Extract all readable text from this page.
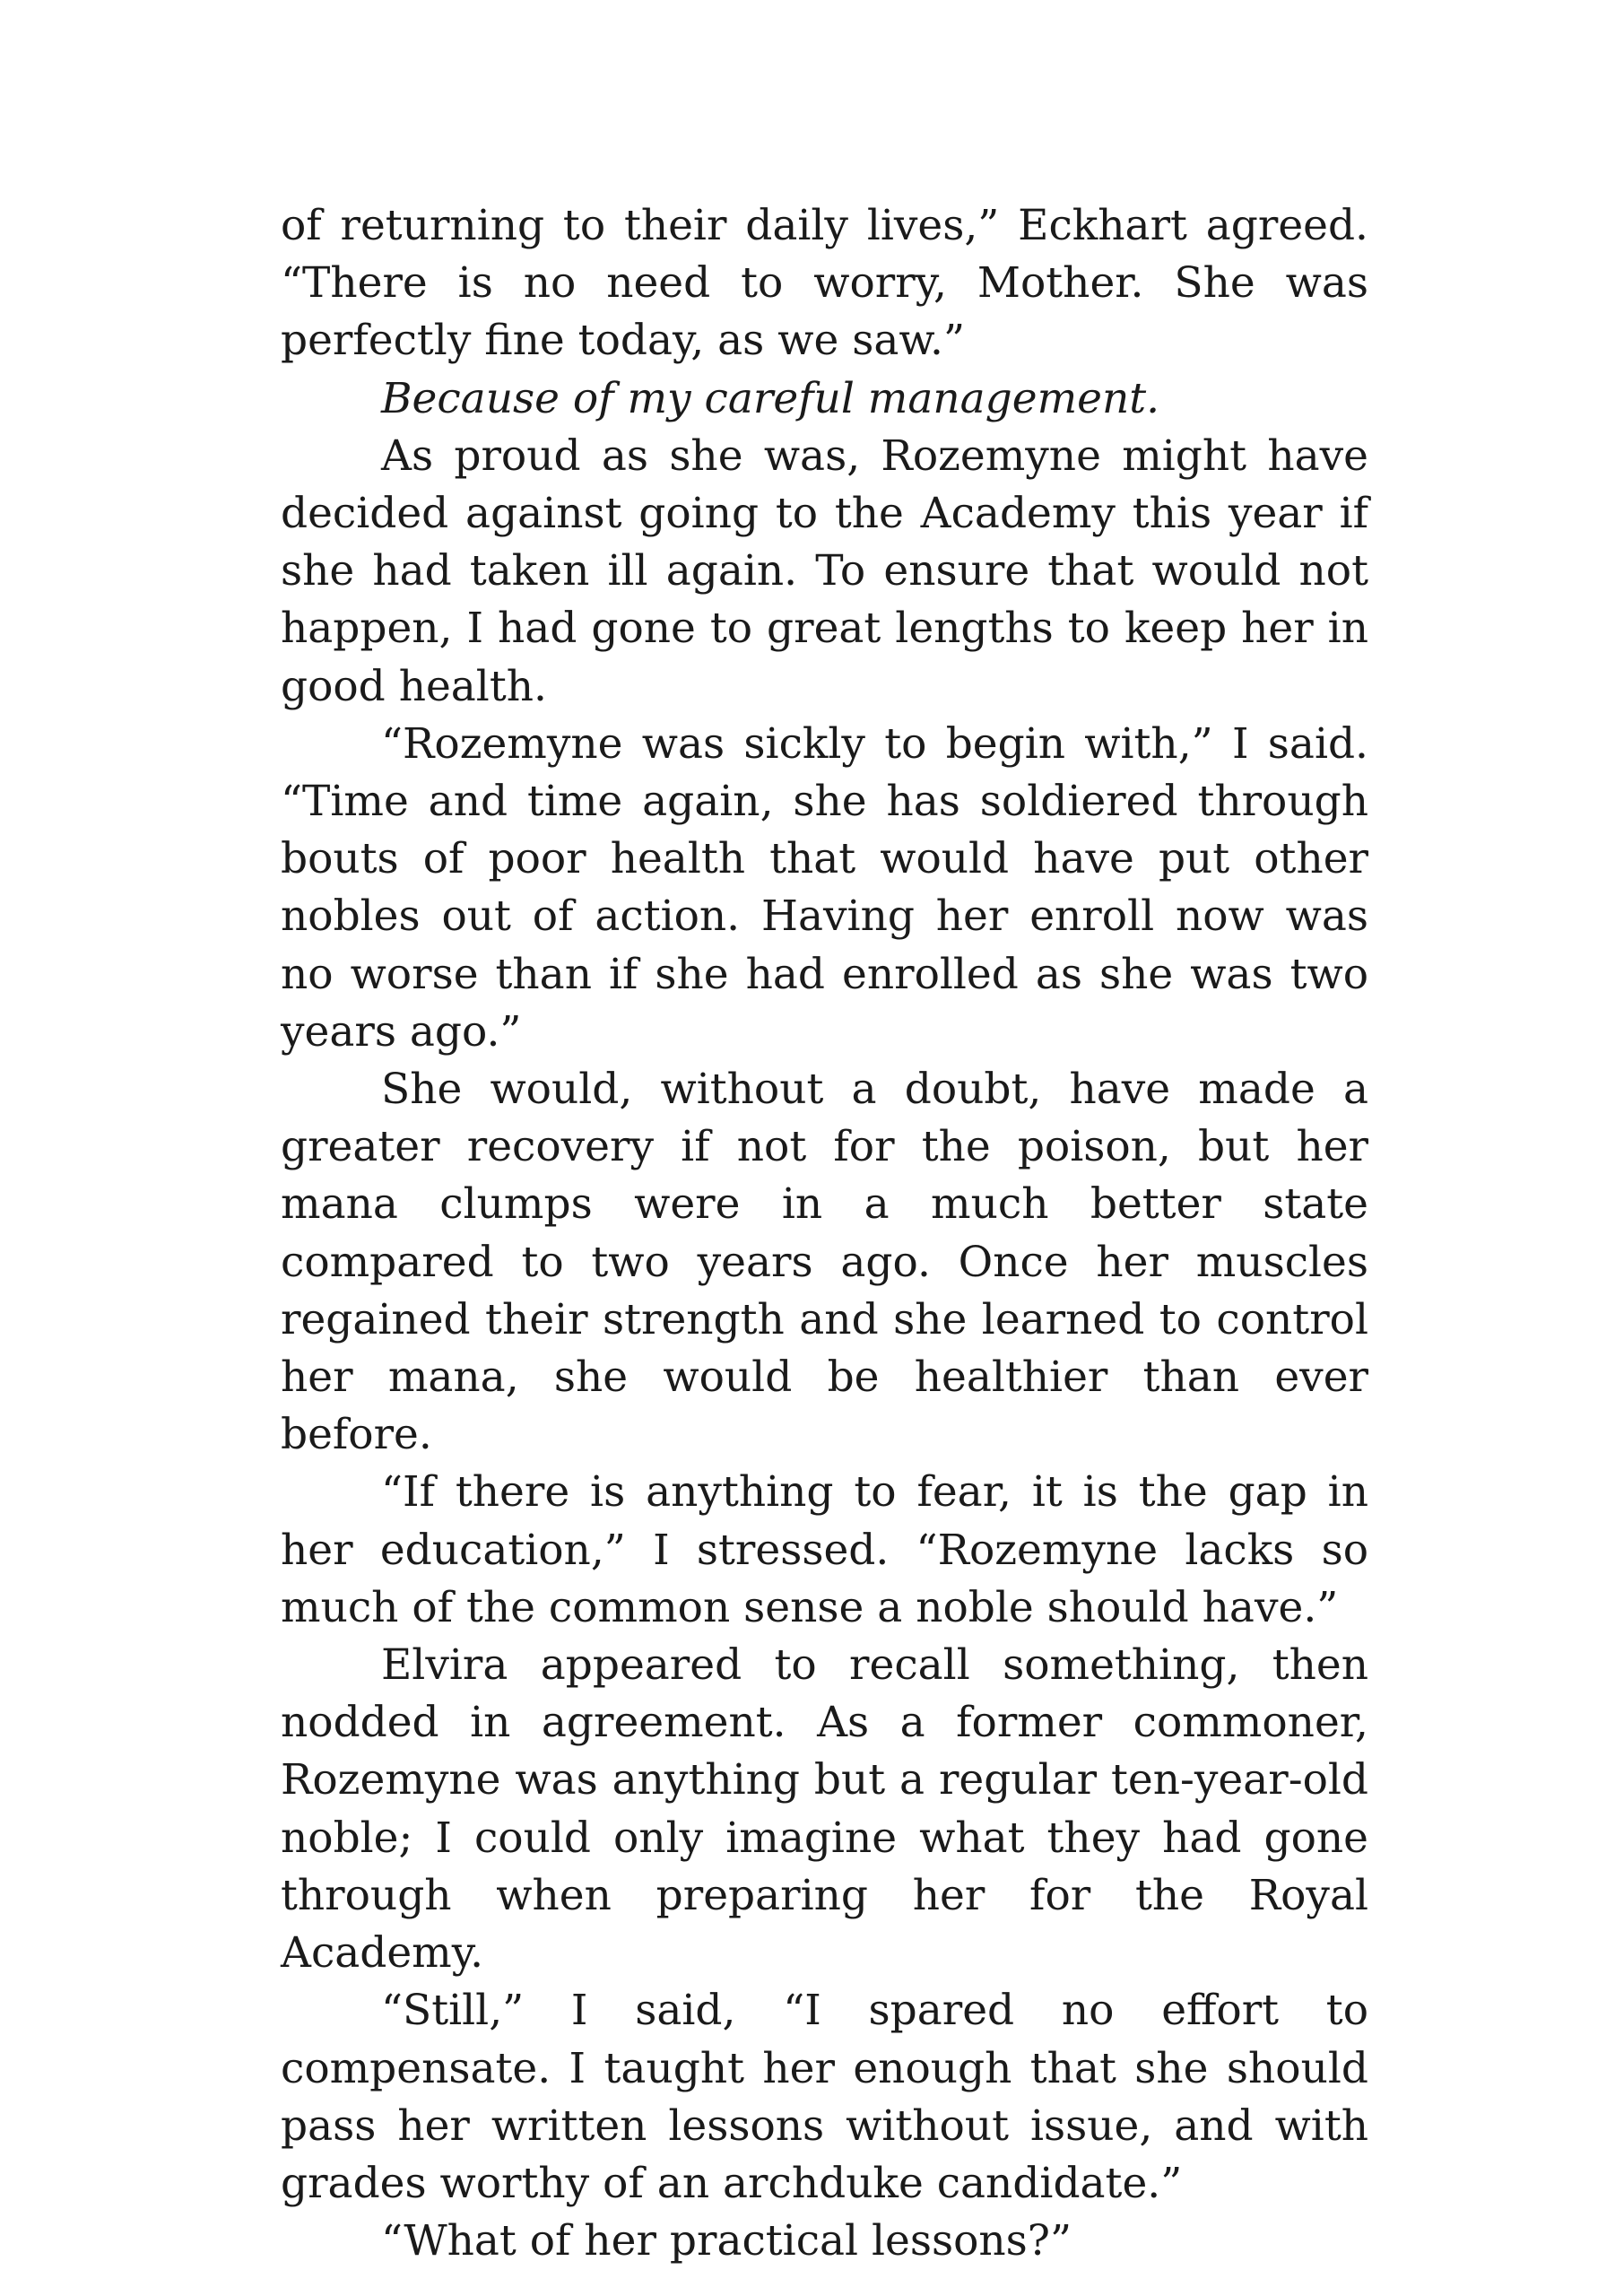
of returning to their daily lives,” Eckhart agreed. “There is no need to worry, Mother. She was perfectly fine today, as we saw.”

Because of my careful management.

As proud as she was, Rozemyne might have decided against going to the Academy this year if she had taken ill again. To ensure that would not happen, I had gone to great lengths to keep her in good health.

“Rozemyne was sickly to begin with,” I said. “Time and time again, she has soldiered through bouts of poor health that would have put other nobles out of action. Having her enroll now was no worse than if she had enrolled as she was two years ago.”

She would, without a doubt, have made a greater recovery if not for the poison, but her mana clumps were in a much better state compared to two years ago. Once her muscles regained their strength and she learned to control her mana, she would be healthier than ever before.

“If there is anything to fear, it is the gap in her education,” I stressed. “Rozemyne lacks so much of the common sense a noble should have.”

Elvira appeared to recall something, then nodded in agreement. As a former commoner, Rozemyne was anything but a regular ten-year-old noble; I could only imagine what they had gone through when preparing her for the Royal Academy.

“Still,” I said, “I spared no effort to compensate. I taught her enough that she should pass her written lessons without issue, and with grades worthy of an archduke candidate.”

“What of her practical lessons?”
